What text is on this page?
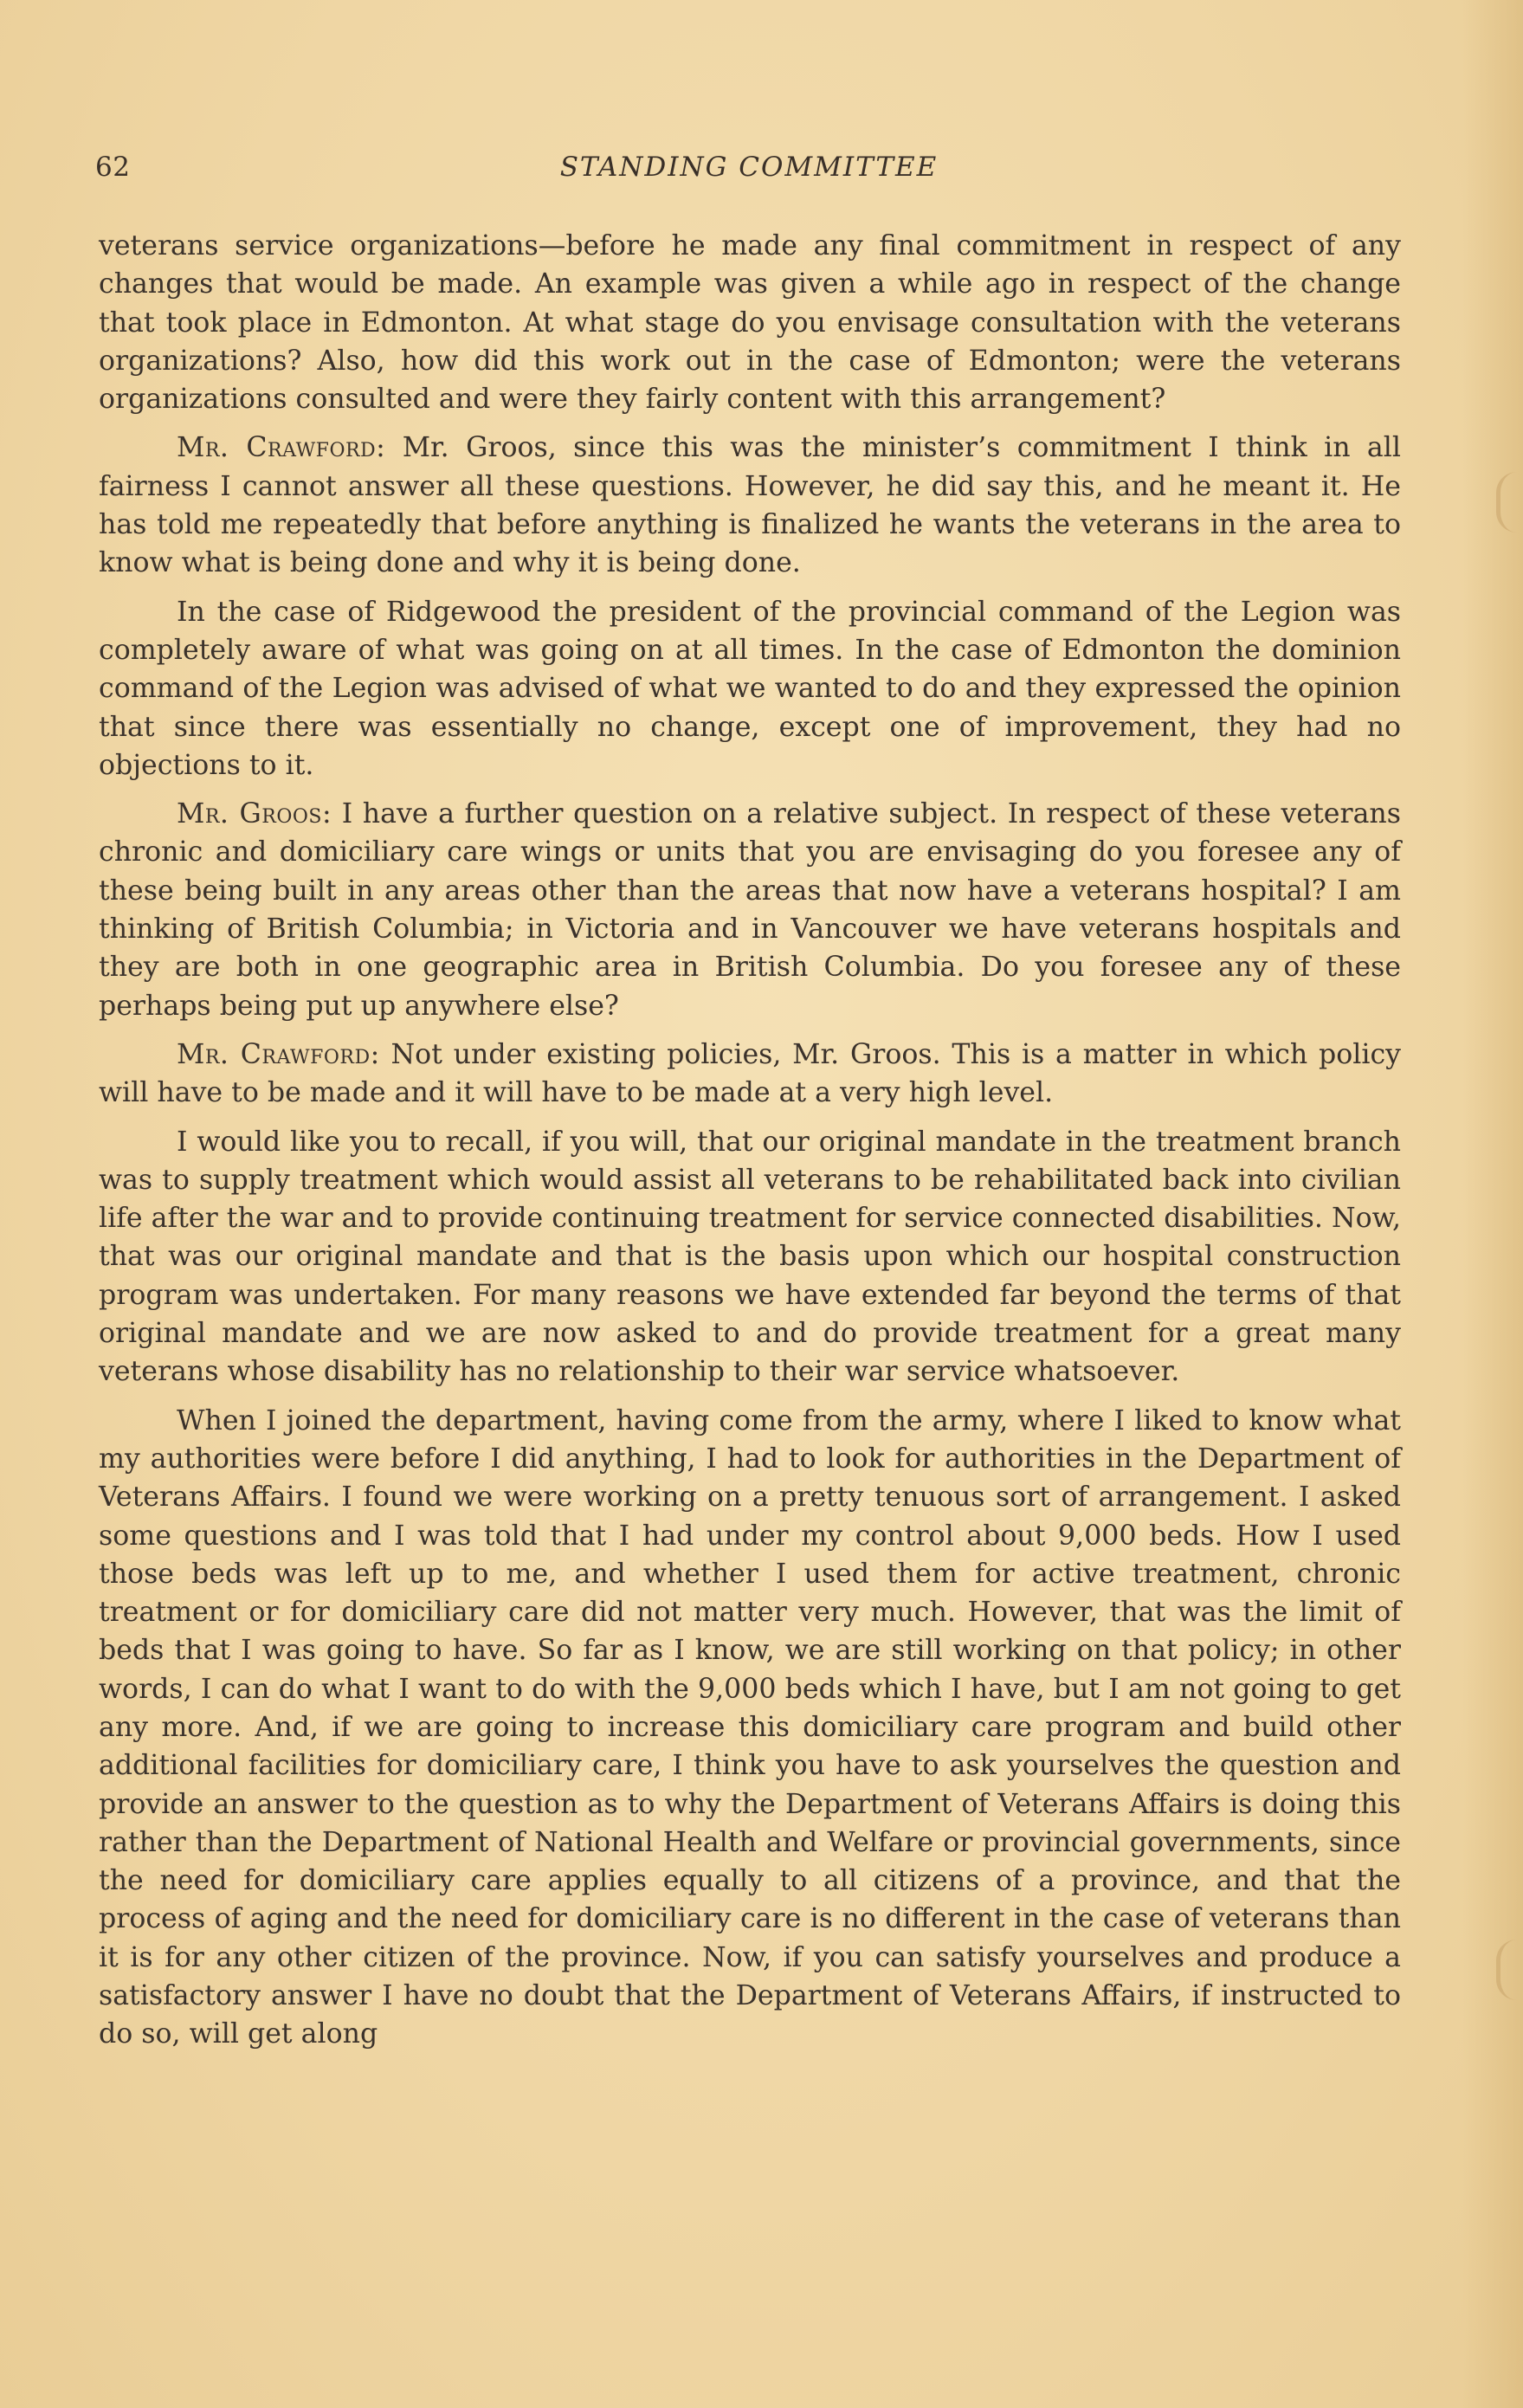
62	STANDING COMMITTEE

veterans service organizations—before he made any final commitment in respect of any changes that would be made. An example was given a while ago in respect of the change that took place in Edmonton. At what stage do you envisage consultation with the veterans organizations? Also, how did this work out in the case of Edmonton; were the veterans organizations consulted and were they fairly content with this arrangement?

Mr. Crawford: Mr. Groos, since this was the minister’s commitment I think in all fairness I cannot answer all these questions. However, he did say this, and he meant it. He has told me repeatedly that before anything is finalized he wants the veterans in the area to know what is being done and why it is being done.

In the case of Ridgewood the president of the provincial command of the Legion was completely aware of what was going on at all times. In the case of Edmonton the dominion command of the Legion was advised of what we wanted to do and they expressed the opinion that since there was essentially no change, except one of improvement, they had no objections to it.

Mr. Groos: I have a further question on a relative subject. In respect of these veterans chronic and domiciliary care wings or units that you are envisaging do you foresee any of these being built in any areas other than the areas that now have a veterans hospital? I am thinking of British Columbia; in Victoria and in Vancouver we have veterans hospitals and they are both in one geographic area in British Columbia. Do you foresee any of these perhaps being put up anywhere else?

Mr. Crawford: Not under existing policies, Mr. Groos. This is a matter in which policy will have to be made and it will have to be made at a very high level.

I would like you to recall, if you will, that our original mandate in the treatment branch was to supply treatment which would assist all veterans to be rehabilitated back into civilian life after the war and to provide continuing treatment for service connected disabilities. Now, that was our original mandate and that is the basis upon which our hospital construction program was undertaken. For many reasons we have extended far beyond the terms of that original mandate and we are now asked to and do provide treatment for a great many veterans whose disability has no relationship to their war service whatsoever.

When I joined the department, having come from the army, where I liked to know what my authorities were before I did anything, I had to look for authorities in the Department of Veterans Affairs. I found we were working on a pretty tenuous sort of arrangement. I asked some questions and I was told that I had under my control about 9,000 beds. How I used those beds was left up to me, and whether I used them for active treatment, chronic treatment or for domiciliary care did not matter very much. However, that was the limit of beds that I was going to have. So far as I know, we are still working on that policy; in other words, I can do what I want to do with the 9,000 beds which I have, but I am not going to get any more. And, if we are going to increase this domiciliary care program and build other additional facilities for domiciliary care, I think you have to ask yourselves the question and provide an answer to the question as to why the Department of Veterans Affairs is doing this rather than the Department of National Health and Welfare or provincial governments, since the need for domiciliary care applies equally to all citizens of a province, and that the process of aging and the need for domiciliary care is no different in the case of veterans than it is for any other citizen of the province. Now, if you can satisfy yourselves and produce a satisfactory answer I have no doubt that the Department of Veterans Affairs, if instructed to do so, will get along
